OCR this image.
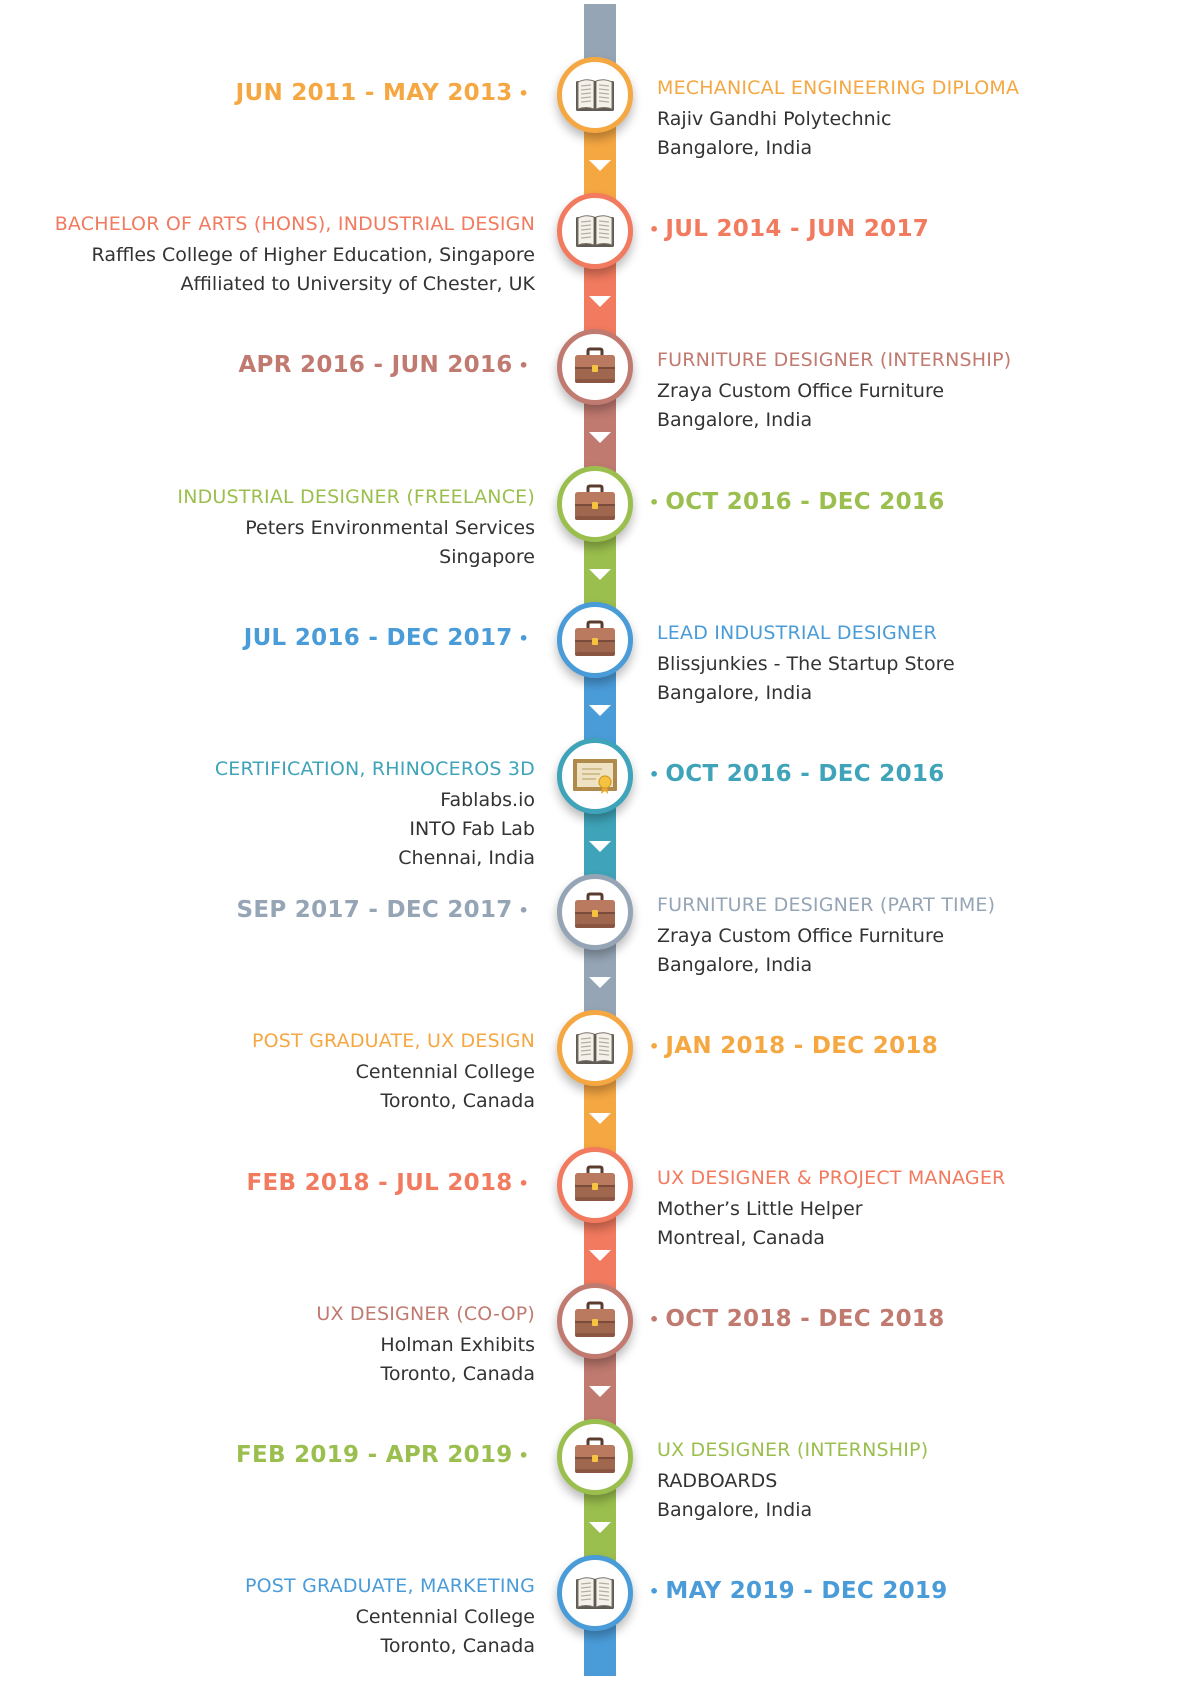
JUN 2011 - MAY 2013 •	MECHANICAL ENGINEERING DIPLOMA
Rajiv Gandhi Polytechnic
Bangalore, India
• JUL 2014 - JUN 2017
BACHELOR OF ARTS (HONS), INDUSTRIAL DESIGN
Raffles College of Higher Education, Singapore
Affiliated to University of Chester, UK
APR 2016 - JUN 2016 •	FURNITURE DESIGNER (INTERNSHIP)
Zraya Custom Office Furniture
Bangalore, India
• OCT 2016 - DEC 2016
INDUSTRIAL DESIGNER (FREELANCE)
Peters Environmental Services
Singapore
JUL 2016 - DEC 2017 •	LEAD INDUSTRIAL DESIGNER
Blissjunkies - The Startup Store
Bangalore, India
• OCT 2016 - DEC 2016
CERTIFICATION, RHINOCEROS 3D
Fablabs.io
INTO Fab Lab
Chennai, India
SEP 2017 - DEC 2017 •	FURNITURE DESIGNER (PART TIME)
Zraya Custom Office Furniture
Bangalore, India
• JAN 2018 - DEC 2018
POST GRADUATE, UX DESIGN
Centennial College
Toronto, Canada
FEB 2018 - JUL 2018 •	UX DESIGNER & PROJECT MANAGER
Mother’s Little Helper
Montreal, Canada
• OCT 2018 - DEC 2018
UX DESIGNER (CO-OP)
Holman Exhibits
Toronto, Canada
FEB 2019 - APR 2019 •	UX DESIGNER (INTERNSHIP)
RADBOARDS
Bangalore, India
• MAY 2019 - DEC 2019
POST GRADUATE, MARKETING
Centennial College
Toronto, Canada
